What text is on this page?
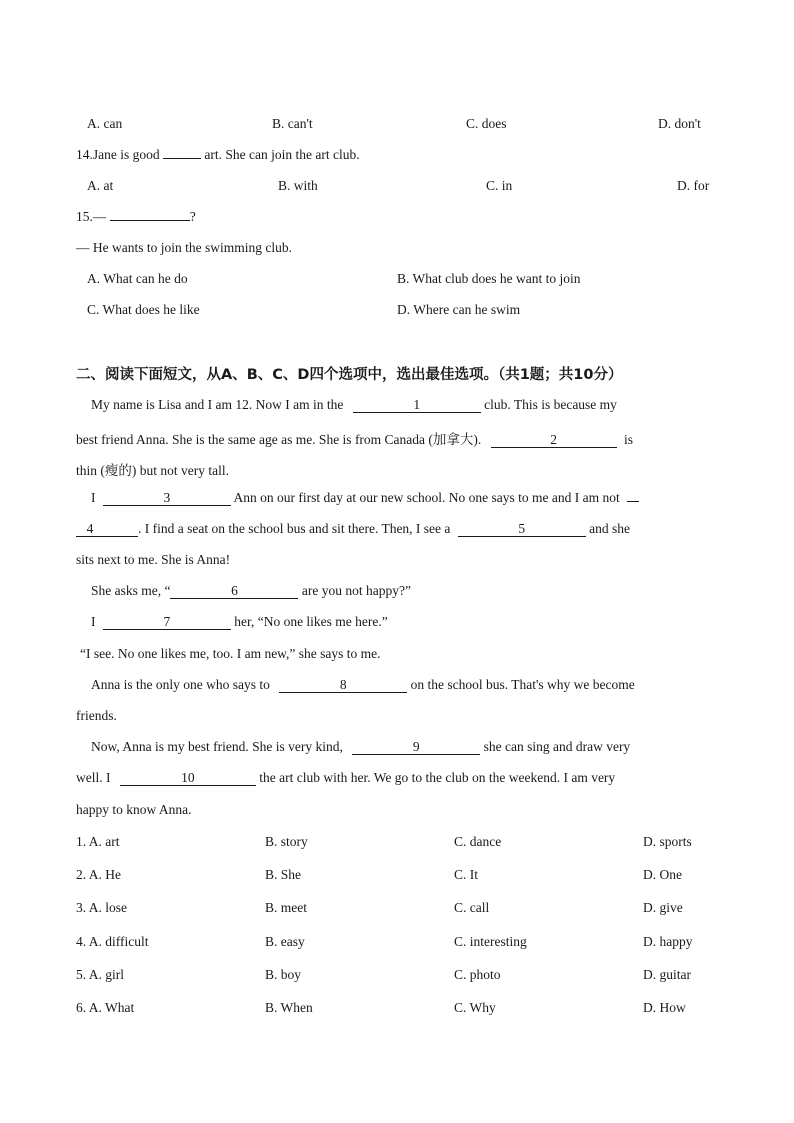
A. can	B. can't	C. does	D. don't
14.Jane is good	art. She can join the art club.
A. at	B. with	C. in	D. for
15.—	?
— He wants to join the swimming club.
A. What can he do	B. What club does he want to join
C. What does he like	D. Where can he swim
二、阅读下面短文，从A、B、C、D四个选项中，选出最佳选项。（共1题；共10分）
My name is Lisa and I am 12. Now I am in the	1	club. This is because my
best friend Anna. She is the same age as me. She is from Canada (加拿大).	2	is
thin (瘦的) but not very tall.
I	3	Ann on our first day at our new school. No one says to me and I am not
4	. I find a seat on the school bus and sit there. Then, I see a	5	and she
sits next to me. She is Anna!
She asks me, “	6	are you not happy?”
I	7	her, “No one likes me here.”
“I see. No one likes me, too. I am new,” she says to me.
Anna is the only one who says to	8	on the school bus. That's why we become
friends.
Now, Anna is my best friend. She is very kind,	9	she can sing and draw very
well. I	10	the art club with her. We go to the club on the weekend. I am very
happy to know Anna.
1. A. art	B. story	C. dance	D. sports
2. A. He	B. She	C. It	D. One
3. A. lose	B. meet	C. call	D. give
4. A. difficult	B. easy	C. interesting	D. happy
5. A. girl	B. boy	C. photo	D. guitar
6. A. What	B. When	C. Why	D. How
